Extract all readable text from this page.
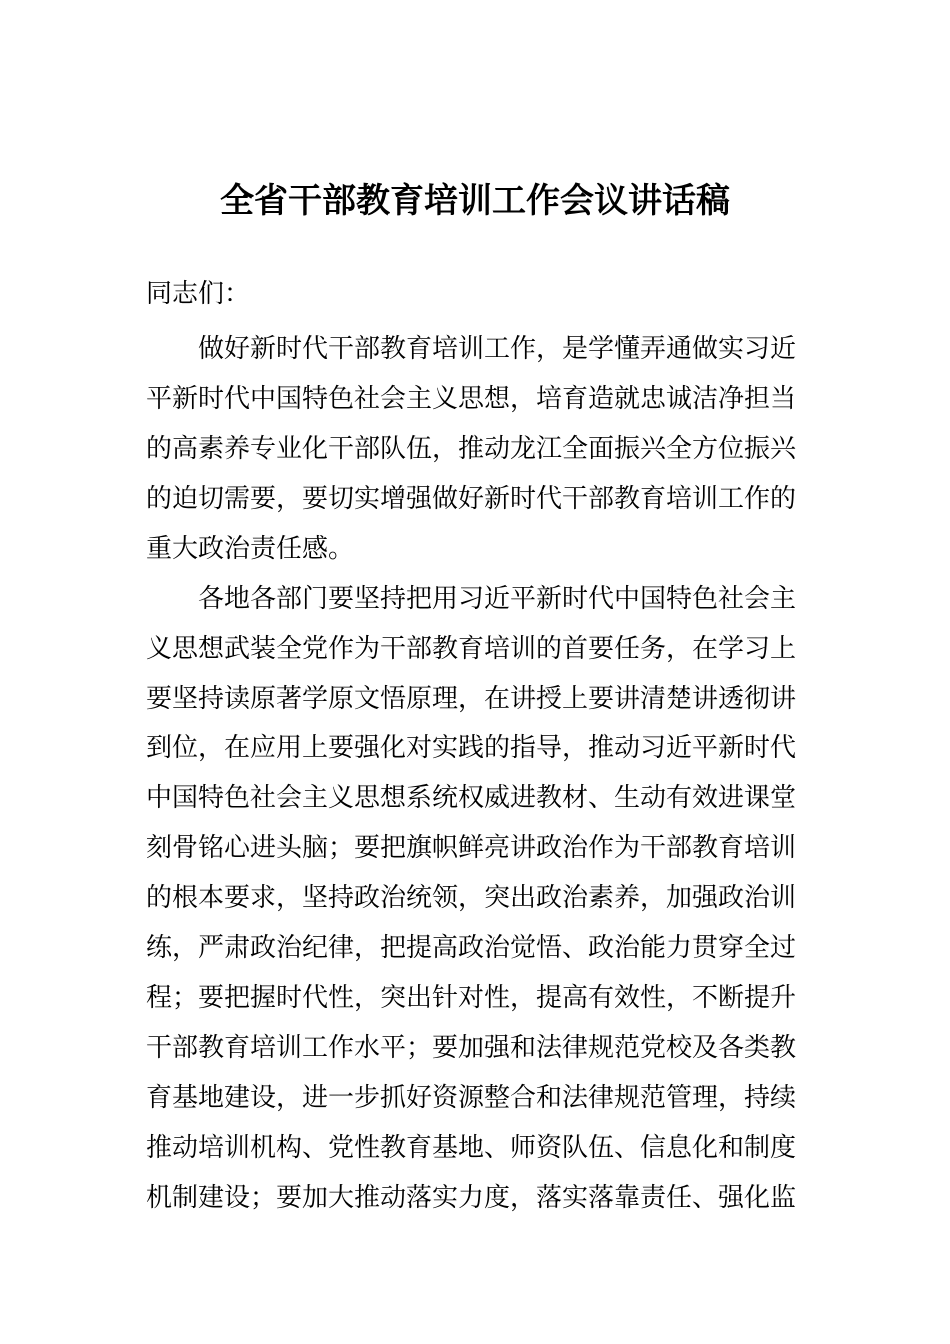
全省干部教育培训工作会议讲话稿
同志们：
　　做好新时代干部教育培训工作，是学懂弄通做实习近
平新时代中国特色社会主义思想，培育造就忠诚洁净担当
的高素养专业化干部队伍，推动龙江全面振兴全方位振兴
的迫切需要，要切实增强做好新时代干部教育培训工作的
重大政治责任感。
　　各地各部门要坚持把用习近平新时代中国特色社会主
义思想武装全党作为干部教育培训的首要任务，在学习上
要坚持读原著学原文悟原理，在讲授上要讲清楚讲透彻讲
到位，在应用上要强化对实践的指导，推动习近平新时代
中国特色社会主义思想系统权威进教材、生动有效进课堂
刻骨铭心进头脑；要把旗帜鲜亮讲政治作为干部教育培训
的根本要求，坚持政治统领，突出政治素养，加强政治训
练，严肃政治纪律，把提高政治觉悟、政治能力贯穿全过
程；要把握时代性，突出针对性，提高有效性，不断提升
干部教育培训工作水平；要加强和法律规范党校及各类教
育基地建设，进一步抓好资源整合和法律规范管理，持续
推动培训机构、党性教育基地、师资队伍、信息化和制度
机制建设；要加大推动落实力度，落实落靠责任、强化监
